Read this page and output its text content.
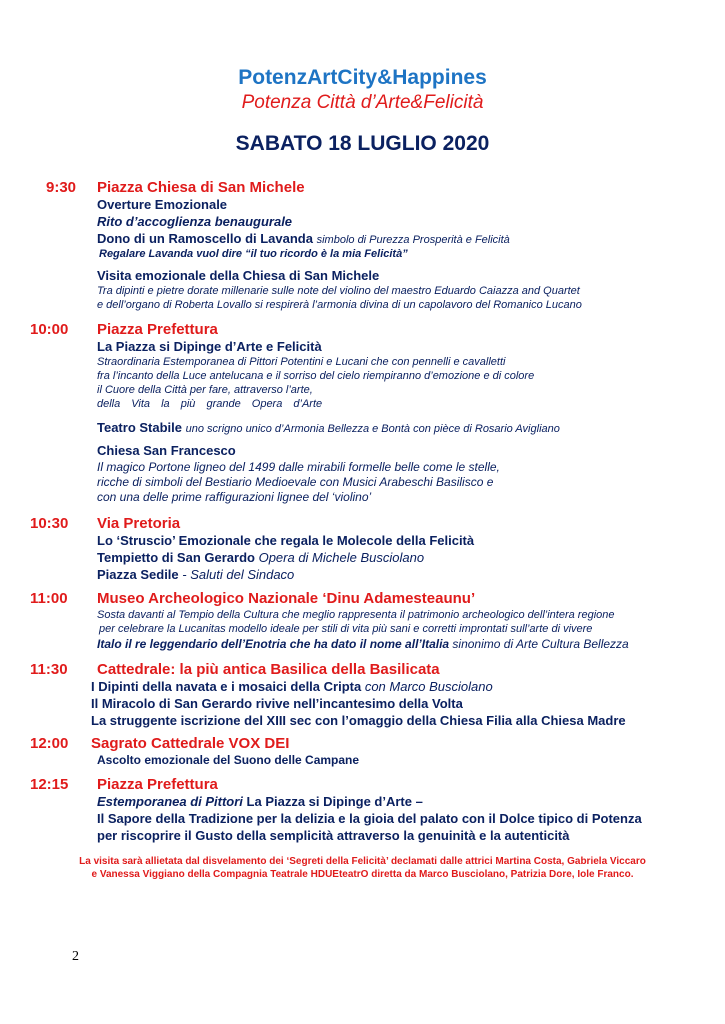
PotenzArtCity&Happines
Potenza Città d’Arte&Felicità
SABATO 18 LUGLIO 2020
9:30 Piazza Chiesa di San Michele
Overture Emozionale
Rito d’accoglienza benaugurale
Dono di un Ramoscello di Lavanda simbolo di Purezza Prosperità e Felicità
Regalare Lavanda vuol dire “il tuo ricordo è la mia Felicità”
Visita emozionale della Chiesa di San Michele
Tra dipinti e pietre dorate millenarie sulle note del violino del maestro Eduardo Caiazza and Quartet
e dell’organo di Roberta Lovallo si respirerà l’armonia divina di un capolavoro del Romanico Lucano
10:00 Piazza Prefettura
La Piazza si Dipinge d’Arte e Felicità
Straordinaria Estemporanea di Pittori Potentini e Lucani che con pennelli e cavalletti
fra l’incanto della Luce antelucana e il sorriso del cielo riempiranno d’emozione e di colore
il Cuore della Città per fare, attraverso l’arte,
della Vita la più grande Opera d’Arte
Teatro Stabile uno scrigno unico d’Armonia Bellezza e Bontà con pièce di Rosario Avigliano
Chiesa San Francesco
Il magico Portone ligneo del 1499 dalle mirabili formelle belle come le stelle,
ricche di simboli del Bestiario Medioevale con Musici Arabeschi Basilisco e
con una delle prime raffigurazioni lignee del ‘violino’
10:30 Via Pretoria
Lo ‘Struscio’ Emozionale che regala le Molecole della Felicità
Tempietto di San Gerardo Opera di Michele Busciolano
Piazza Sedile - Saluti del Sindaco
11:00 Museo Archeologico Nazionale ‘Dinu Adamesteaunu’
Sosta davanti al Tempio della Cultura che meglio rappresenta il patrimonio archeologico dell’intera regione
per celebrare la Lucanitas modello ideale per stili di vita più sani e corretti improntati sull’arte di vivere
Italo il re leggendario dell’Enotria che ha dato il nome all’Italia sinonimo di Arte Cultura Bellezza
11:30 Cattedrale: la più antica Basilica della Basilicata
I Dipinti della navata e i mosaici della Cripta con Marco Busciolano
Il Miracolo di San Gerardo rivive nell’incantesimo della Volta
La struggente iscrizione del XIII sec con l’omaggio della Chiesa Filia alla Chiesa Madre
12:00 Sagrato Cattedrale VOX DEI
Ascolto emozionale del Suono delle Campane
12:15 Piazza Prefettura
Estemporanea di Pittori La Piazza si Dipinge d’Arte –
Il Sapore della Tradizione per la delizia e la gioia del palato con il Dolce tipico di Potenza
per riscoprire il Gusto della semplicità attraverso la genuinità e la autenticità
La visita sarà allietata dal disvelamento dei ‘Segreti della Felicità’ declamati dalle attrici Martina Costa, Gabriela Viccaro
e Vanessa Viggiano della Compagnia Teatrale HDUEteatrO diretta da Marco Busciolano, Patrizia Dore, Iole Franco.
2
